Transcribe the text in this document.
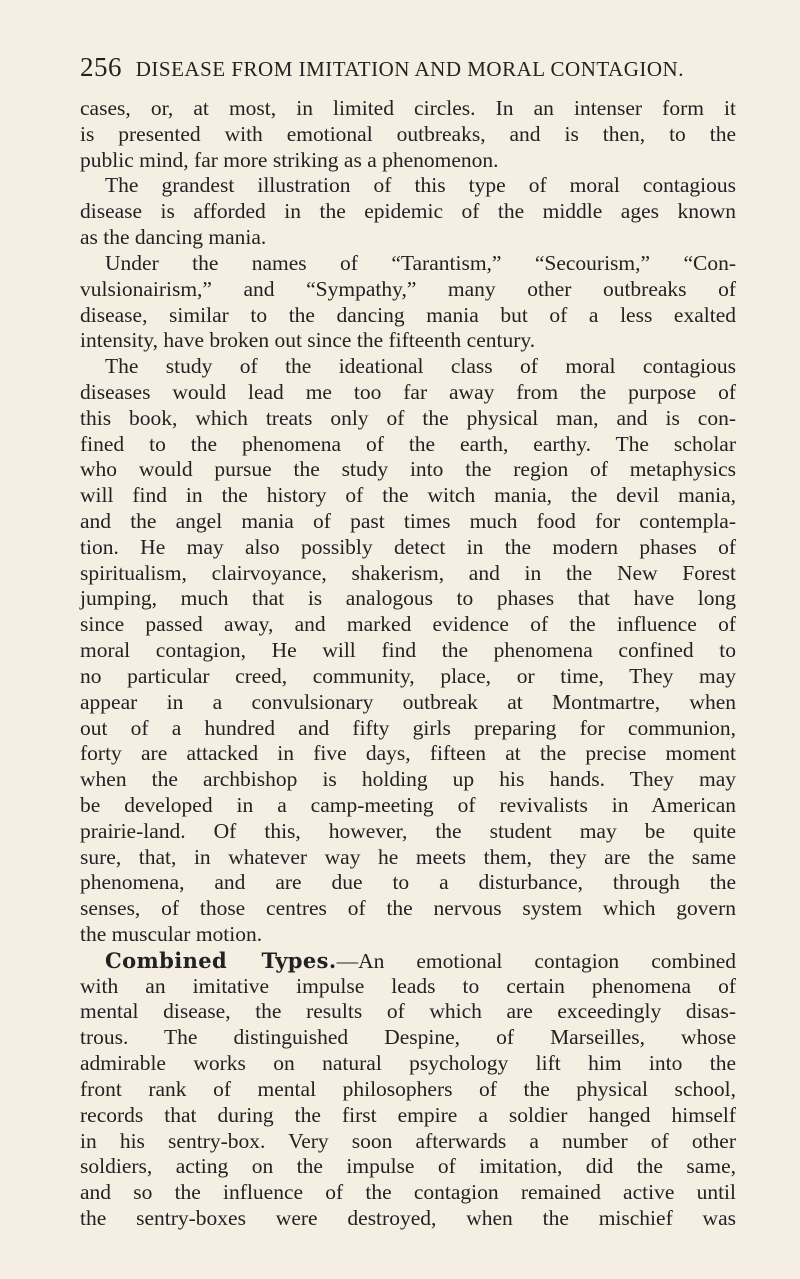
256 DISEASE FROM IMITATION AND MORAL CONTAGION.
cases, or, at most, in limited circles. In an intenser form it
is presented with emotional outbreaks, and is then, to the
public mind, far more striking as a phenomenon.
The grandest illustration of this type of moral contagious
disease is afforded in the epidemic of the middle ages known
as the dancing mania.
Under the names of “Tarantism,” “Secourism,” “Con-
vulsionairism,” and “Sympathy,” many other outbreaks of
disease, similar to the dancing mania but of a less exalted
intensity, have broken out since the fifteenth century.
The study of the ideational class of moral contagious
diseases would lead me too far away from the purpose of
this book, which treats only of the physical man, and is con-
fined to the phenomena of the earth, earthy. The scholar
who would pursue the study into the region of metaphysics
will find in the history of the witch mania, the devil mania,
and the angel mania of past times much food for contempla-
tion. He may also possibly detect in the modern phases of
spiritualism, clairvoyance, shakerism, and in the New Forest
jumping, much that is analogous to phases that have long
since passed away, and marked evidence of the influence of
moral contagion, He will find the phenomena confined to
no particular creed, community, place, or time, They may
appear in a convulsionary outbreak at Montmartre, when
out of a hundred and fifty girls preparing for communion,
forty are attacked in five days, fifteen at the precise moment
when the archbishop is holding up his hands. They may
be developed in a camp-meeting of revivalists in American
prairie-land. Of this, however, the student may be quite
sure, that, in whatever way he meets them, they are the same
phenomena, and are due to a disturbance, through the
senses, of those centres of the nervous system which govern
the muscular motion.
Combined Types.—An emotional contagion combined
with an imitative impulse leads to certain phenomena of
mental disease, the results of which are exceedingly disas-
trous. The distinguished Despine, of Marseilles, whose
admirable works on natural psychology lift him into the
front rank of mental philosophers of the physical school,
records that during the first empire a soldier hanged himself
in his sentry-box. Very soon afterwards a number of other
soldiers, acting on the impulse of imitation, did the same,
and so the influence of the contagion remained active until
the sentry-boxes were destroyed, when the mischief was
